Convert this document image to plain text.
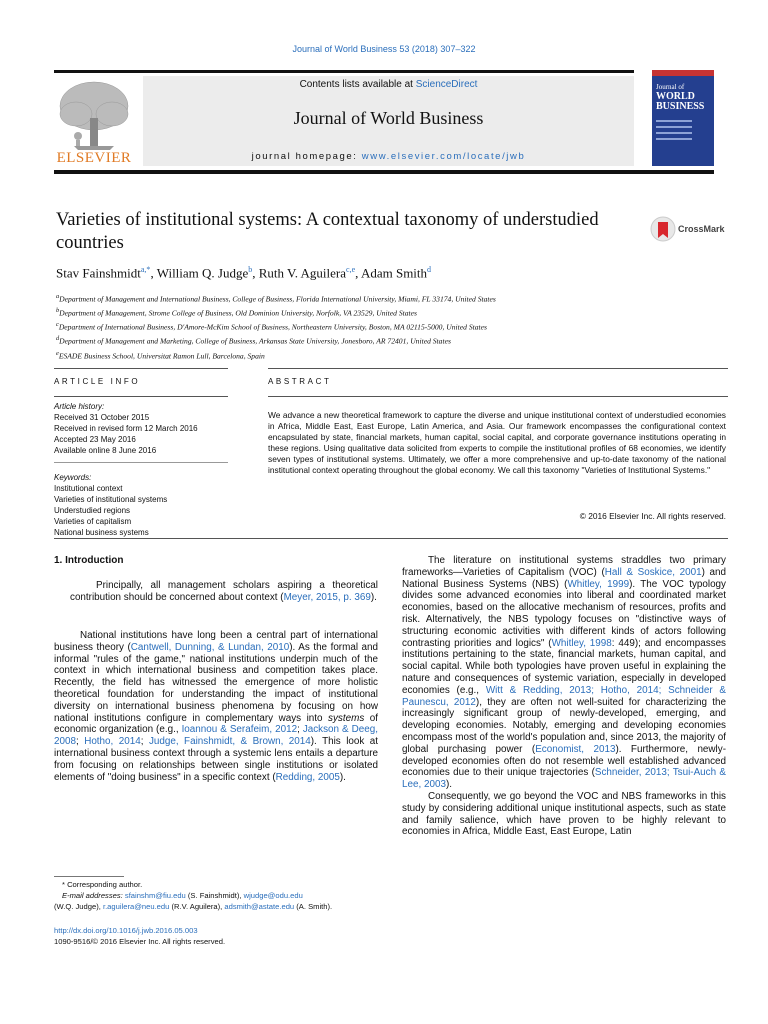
Journal of World Business 53 (2018) 307–322
ELSEVIER
Contents lists available at ScienceDirect
Journal of World Business
journal homepage: www.elsevier.com/locate/jwb
Journal of
WORLD
BUSINESS
Varieties of institutional systems: A contextual taxonomy of understudied countries
CrossMark
Stav Fainshmidt$^{a,*}$, William Q. Judge$^b$, Ruth V. Aguilera$^{c,e}$, Adam Smith$^d$
$^a$Department of Management and International Business, College of Business, Florida International University, Miami, FL 33174, United States
$^b$Department of Management, Strome College of Business, Old Dominion University, Norfolk, VA 23529, United States
$^c$Department of International Business, D'Amore-McKim School of Business, Northeastern University, Boston, MA 02115-5000, United States
$^d$Department of Management and Marketing, College of Business, Arkansas State University, Jonesboro, AR 72401, United States
$^e$ESADE Business School, Universitat Ramon Lull, Barcelona, Spain
ARTICLE INFO	ABSTRACT
Article history:
Received 31 October 2015
Received in revised form 12 March 2016
Accepted 23 May 2016
Available online 8 June 2016
Keywords:
Institutional context
Varieties of institutional systems
Understudied regions
Varieties of capitalism
National business systems
We advance a new theoretical framework to capture the diverse and unique institutional context of understudied economies in Africa, Middle East, East Europe, Latin America, and Asia. Our framework encompasses the configurational context encapsulated by state, financial markets, human capital, social capital, and corporate governance institutions operating in these regions. Using qualitative data solicited from experts to compile the institutional profiles of 68 economies, we identify seven types of institutional systems. Ultimately, we offer a more comprehensive and up-to-date taxonomy of the national institutional context operating throughout the global economy. We call this taxonomy "Varieties of Institutional Systems."
© 2016 Elsevier Inc. All rights reserved.
1. Introduction

Principally, all management scholars aspiring a theoretical contribution should be concerned about context (Meyer, 2015, p. 369).

National institutions have long been a central part of international business theory (Cantwell, Dunning, & Lundan, 2010). As the formal and informal "rules of the game," national institutions underpin much of the context in which international business and competition takes place. Recently, the field has witnessed the emergence of more holistic theoretical foundation for understanding the impact of institutional diversity on international business phenomena by focusing on how national institutions configure in complementary ways into systems of economic organization (e.g., Ioannou & Serafeim, 2012; Jackson & Deeg, 2008; Hotho, 2014; Judge, Fainshmidt, & Brown, 2014). This look at international business context through a systemic lens entails a departure from focusing on relationships between single institutions or isolated elements of "doing business" in a specific context (Redding, 2005).

The literature on institutional systems straddles two primary frameworks—Varieties of Capitalism (VOC) (Hall & Soskice, 2001) and National Business Systems (NBS) (Whitley, 1999). The VOC typology divides some advanced economies into liberal and coordinated market economies, based on the allocative mechanism of resources, profits and risk. Alternatively, the NBS typology focuses on "distinctive ways of structuring economic activities with different kinds of actors following contrasting priorities and logics" (Whitley, 1998: 449); and encompasses institutions pertaining to the state, financial markets, human capital, and social capital. While both typologies have proven useful in explaining the nature and consequences of systemic variation, especially in developed economies (e.g., Witt & Redding, 2013; Hotho, 2014; Schneider & Paunescu, 2012), they are often not well-suited for characterizing the increasingly significant group of newly-developed, emerging, and developing economies. Notably, emerging and developing economies encompass most of the world's population and, since 2013, the majority of global purchasing power (Economist, 2013). Furthermore, newly-developed economies often do not resemble well established advanced economies due to their unique trajectories (Schneider, 2013; Tsui-Auch & Lee, 2003).

Consequently, we go beyond the VOC and NBS frameworks in this study by considering additional unique institutional aspects, such as state and family salience, which have proven to be highly relevant to economies in Africa, Middle East, East Europe, Latin

* Corresponding author.
E-mail addresses: sfainshm@fiu.edu (S. Fainshmidt), wjudge@odu.edu
(W.Q. Judge), r.aguilera@neu.edu (R.V. Aguilera), adsmith@astate.edu (A. Smith).
http://dx.doi.org/10.1016/j.jwb.2016.05.003
1090-9516/© 2016 Elsevier Inc. All rights reserved.
